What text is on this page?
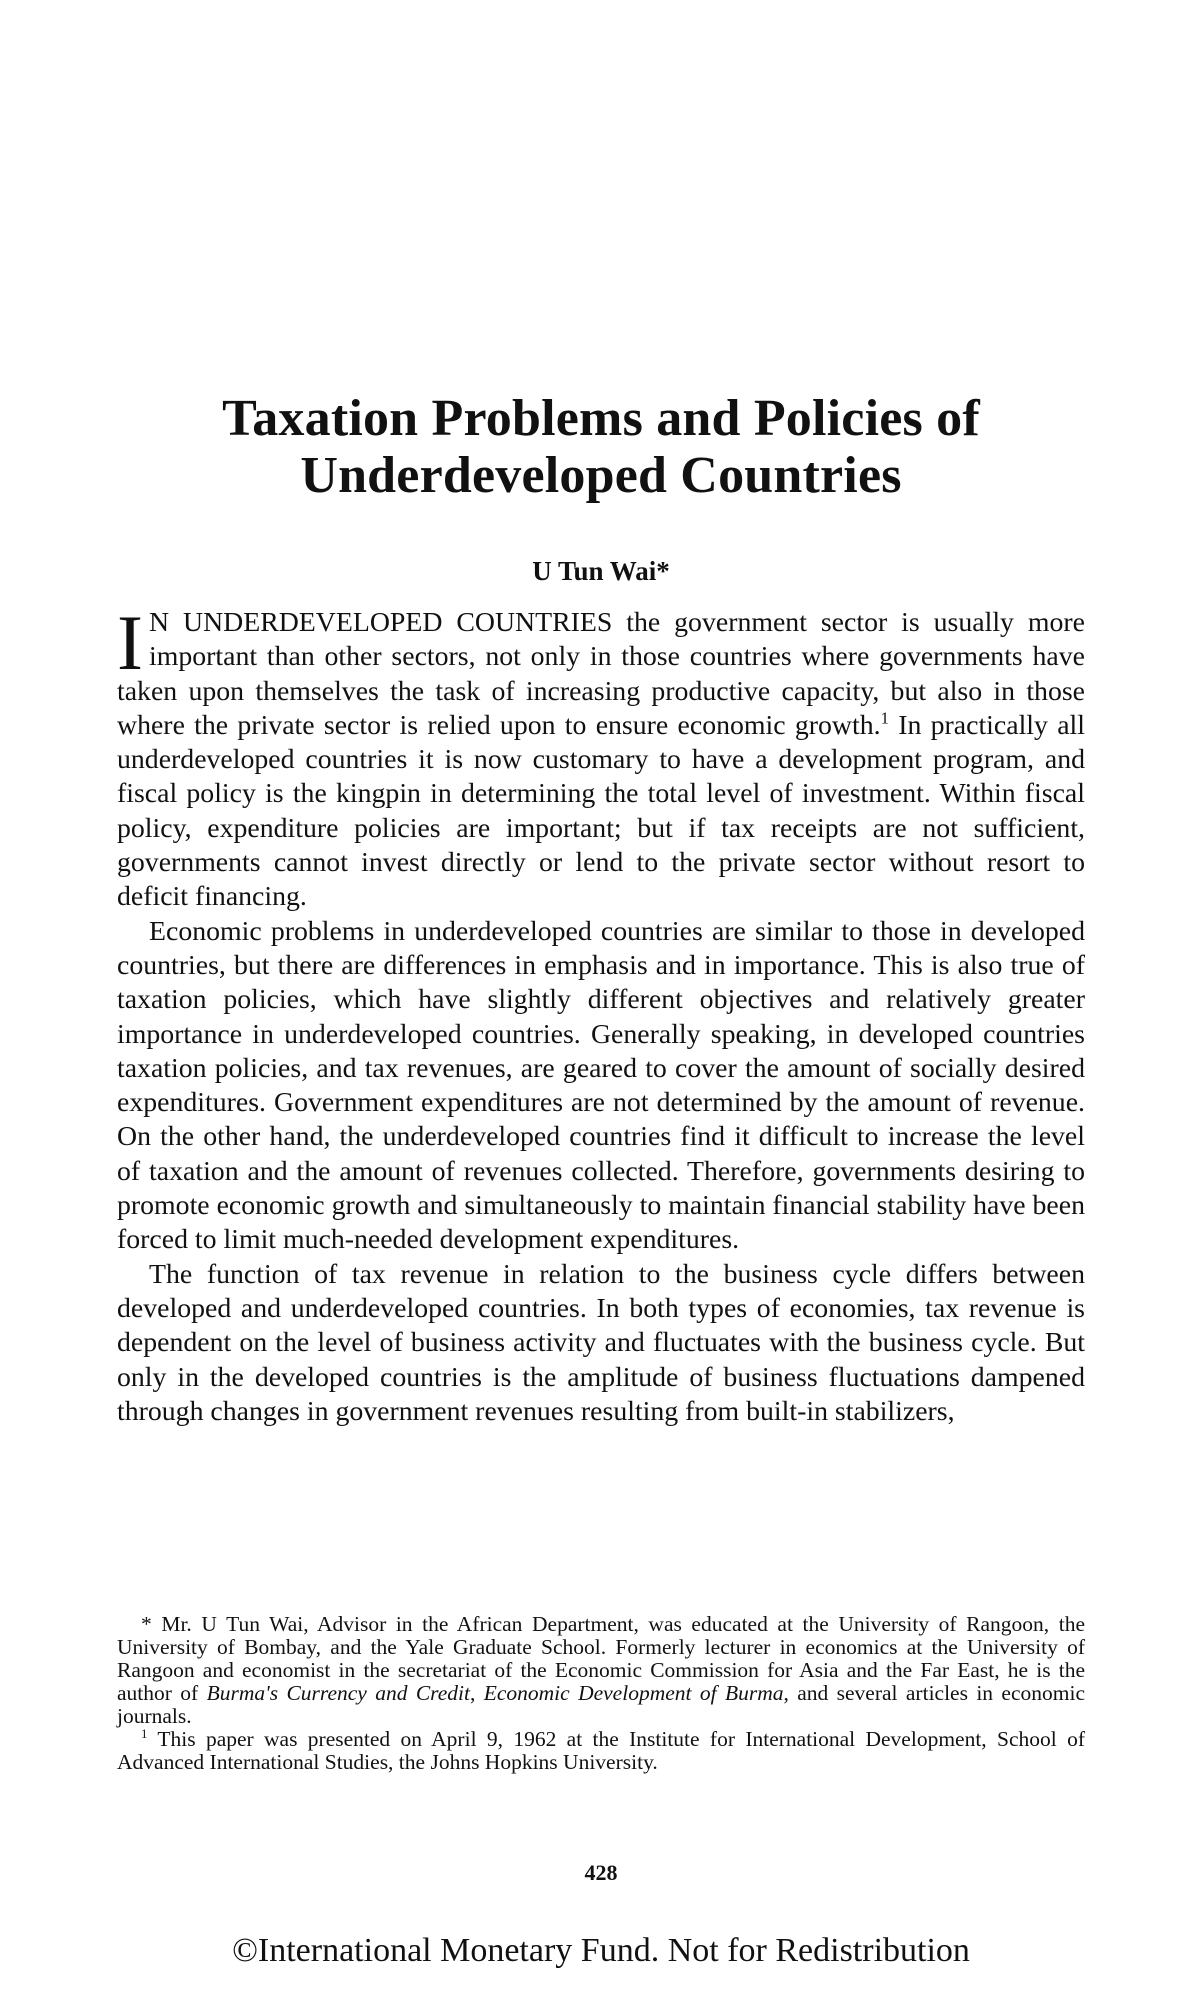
Taxation Problems and Policies of
Underdeveloped Countries
U Tun Wai*

I N UNDERDEVELOPED COUNTRIES the government sector is usually more important than other sectors, not only in those countries where governments have taken upon themselves the task of increasing productive capacity, but also in those where the private sector is relied upon to ensure economic growth.$^1$ In practically all underdeveloped countries it is now customary to have a development program, and fiscal policy is the kingpin in determining the total level of investment. Within fiscal policy, expenditure policies are important; but if tax receipts are not sufficient, governments cannot invest directly or lend to the private sector without resort to deficit financing.

Economic problems in underdeveloped countries are similar to those in developed countries, but there are differences in emphasis and in importance. This is also true of taxation policies, which have slightly different objectives and relatively greater importance in underdeveloped countries. Generally speaking, in developed countries taxation policies, and tax revenues, are geared to cover the amount of socially desired expenditures. Government expenditures are not determined by the amount of revenue. On the other hand, the underdeveloped countries find it difficult to increase the level of taxation and the amount of revenues collected. Therefore, governments desiring to promote economic growth and simultaneously to maintain financial stability have been forced to limit much-needed development expenditures.

The function of tax revenue in relation to the business cycle differs between developed and underdeveloped countries. In both types of economies, tax revenue is dependent on the level of business activity and fluctuates with the business cycle. But only in the developed countries is the amplitude of business fluctuations dampened through changes in government revenues resulting from built-in stabilizers,

* Mr. U Tun Wai, Advisor in the African Department, was educated at the University of Rangoon, the University of Bombay, and the Yale Graduate School. Formerly lecturer in economics at the University of Rangoon and economist in the secretariat of the Economic Commission for Asia and the Far East, he is the author of Burma's Currency and Credit, Economic Development of Burma, and several articles in economic journals.

$^1$ This paper was presented on April 9, 1962 at the Institute for International Development, School of Advanced International Studies, the Johns Hopkins University.

428
©International Monetary Fund. Not for Redistribution
